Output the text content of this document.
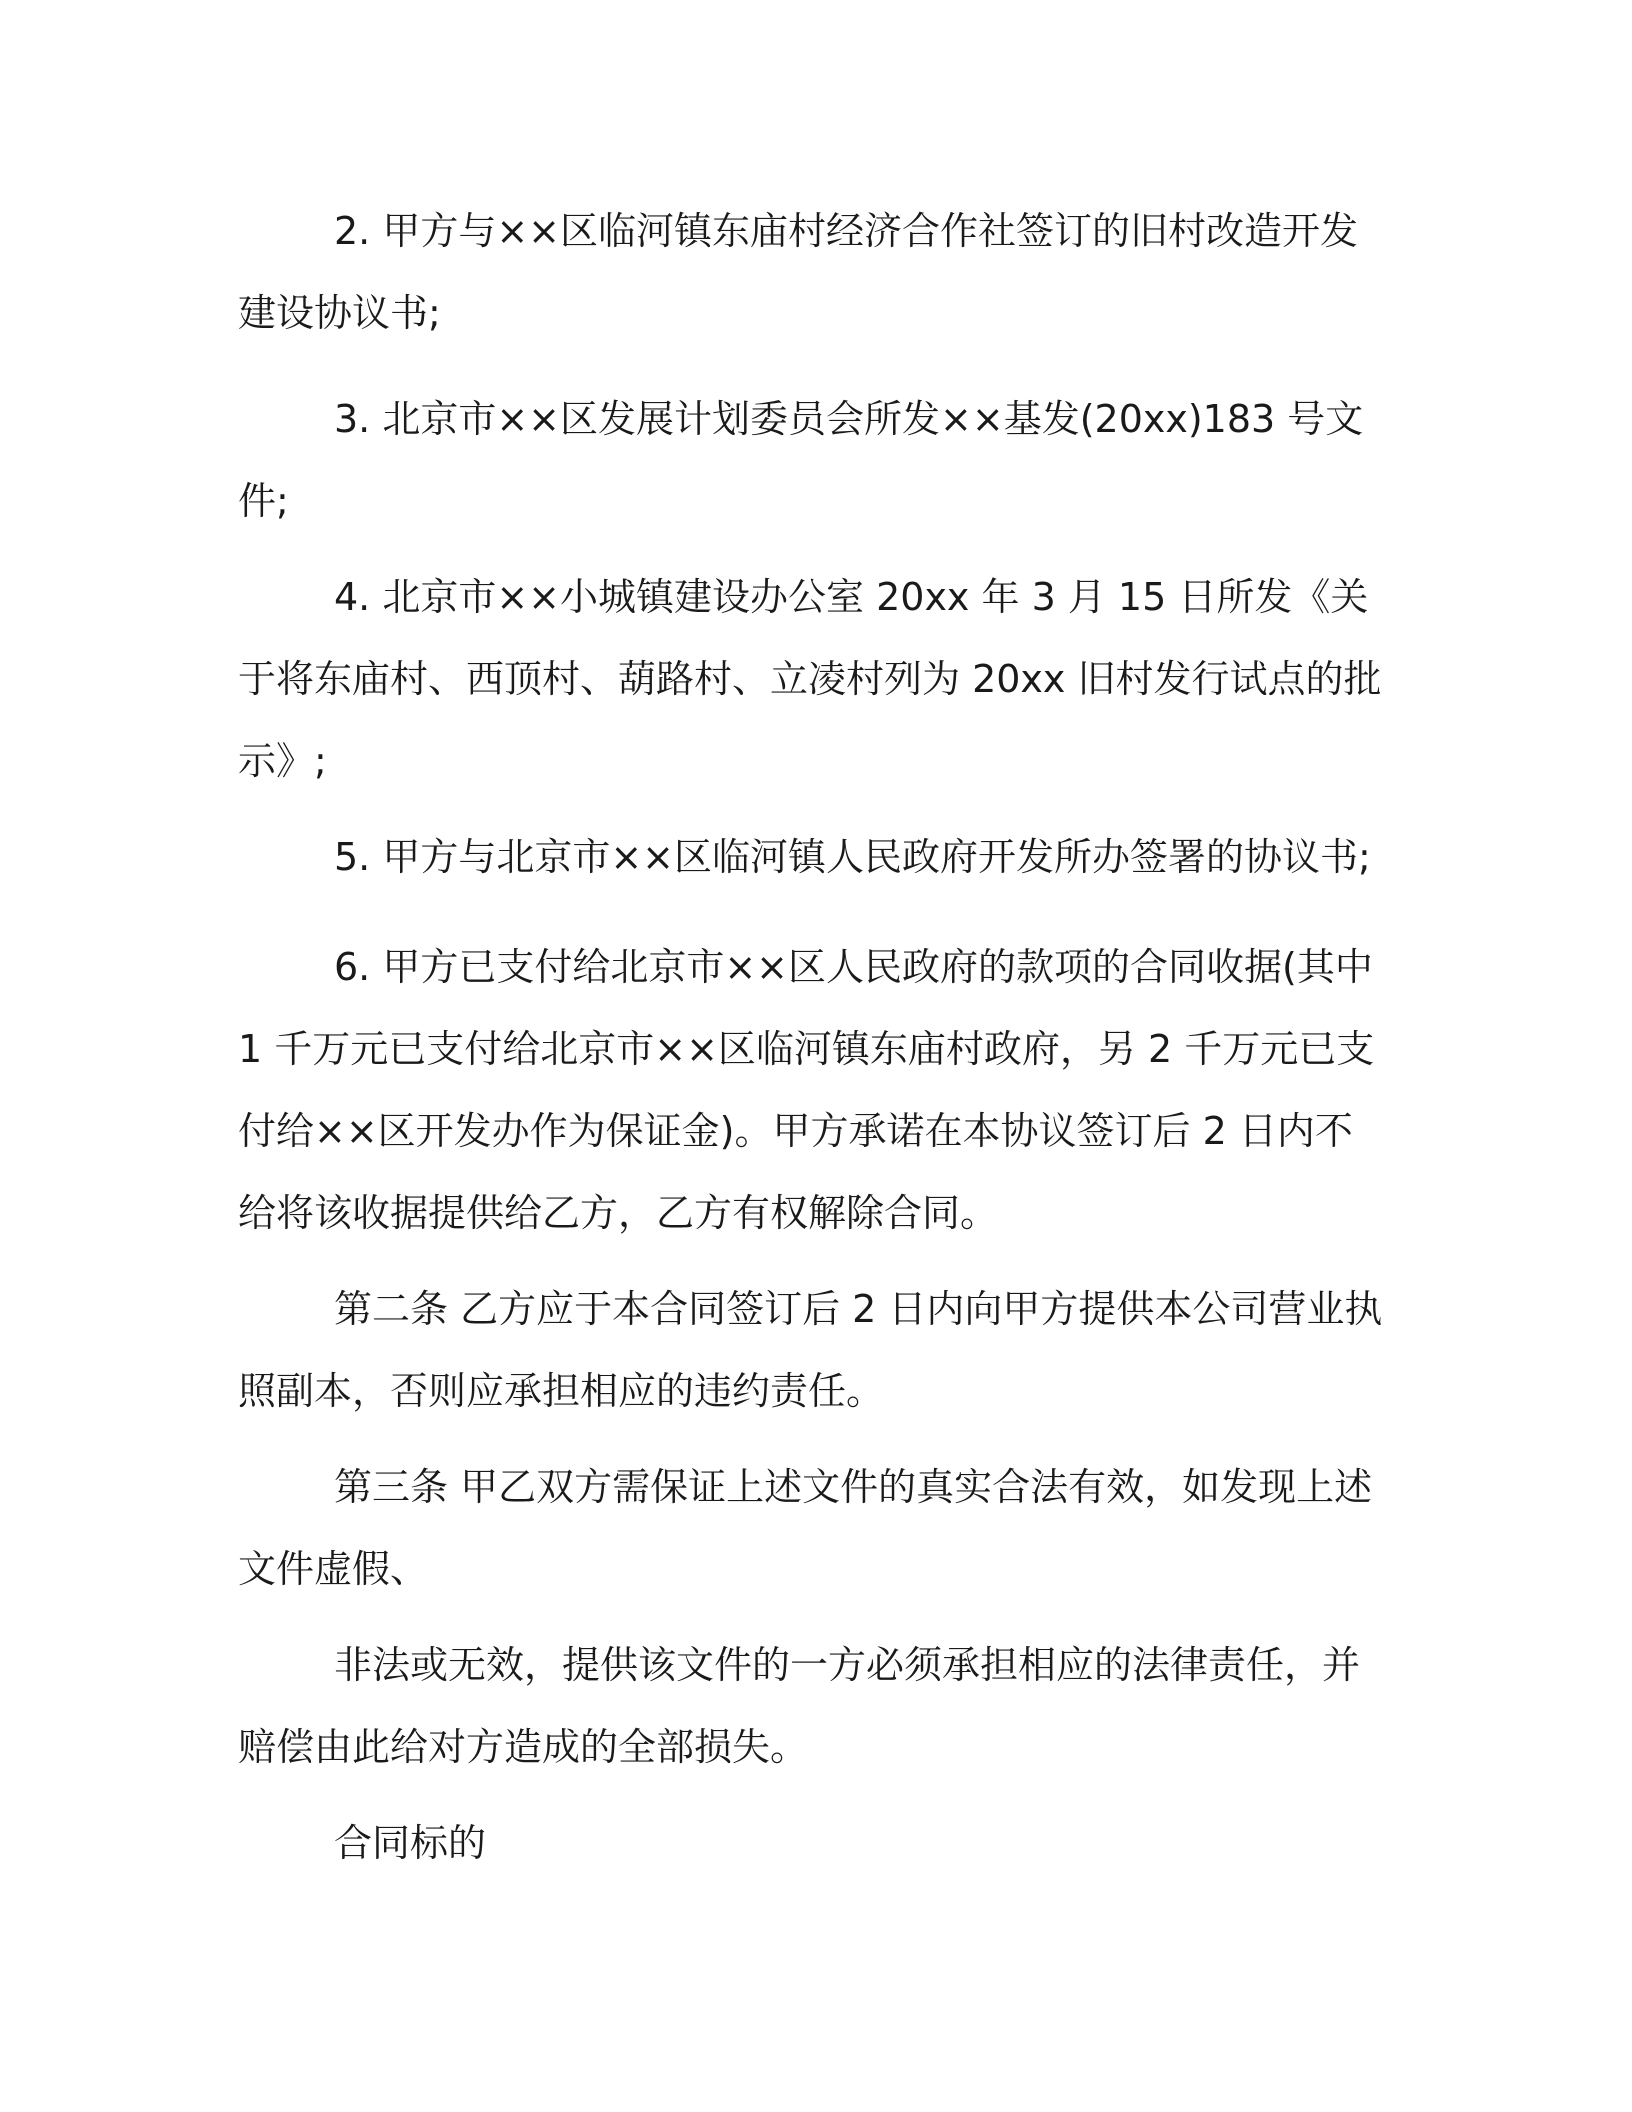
2. 甲方与××区临河镇东庙村经济合作社签订的旧村改造开发建设协议书;

3. 北京市××区发展计划委员会所发××基发(20xx)183 号文件;

4. 北京市××小城镇建设办公室 20xx 年 3 月 15 日所发《关于将东庙村、西顶村、葫路村、立凌村列为 20xx 旧村发行试点的批示》;

5. 甲方与北京市××区临河镇人民政府开发所办签署的协议书;

6. 甲方已支付给北京市××区人民政府的款项的合同收据(其中 1 千万元已支付给北京市××区临河镇东庙村政府，另 2 千万元已支付给××区开发办作为保证金)。甲方承诺在本协议签订后 2 日内不给将该收据提供给乙方，乙方有权解除合同。

第二条 乙方应于本合同签订后 2 日内向甲方提供本公司营业执照副本，否则应承担相应的违约责任。

第三条 甲乙双方需保证上述文件的真实合法有效，如发现上述文件虚假、

非法或无效，提供该文件的一方必须承担相应的法律责任，并赔偿由此给对方造成的全部损失。

合同标的
